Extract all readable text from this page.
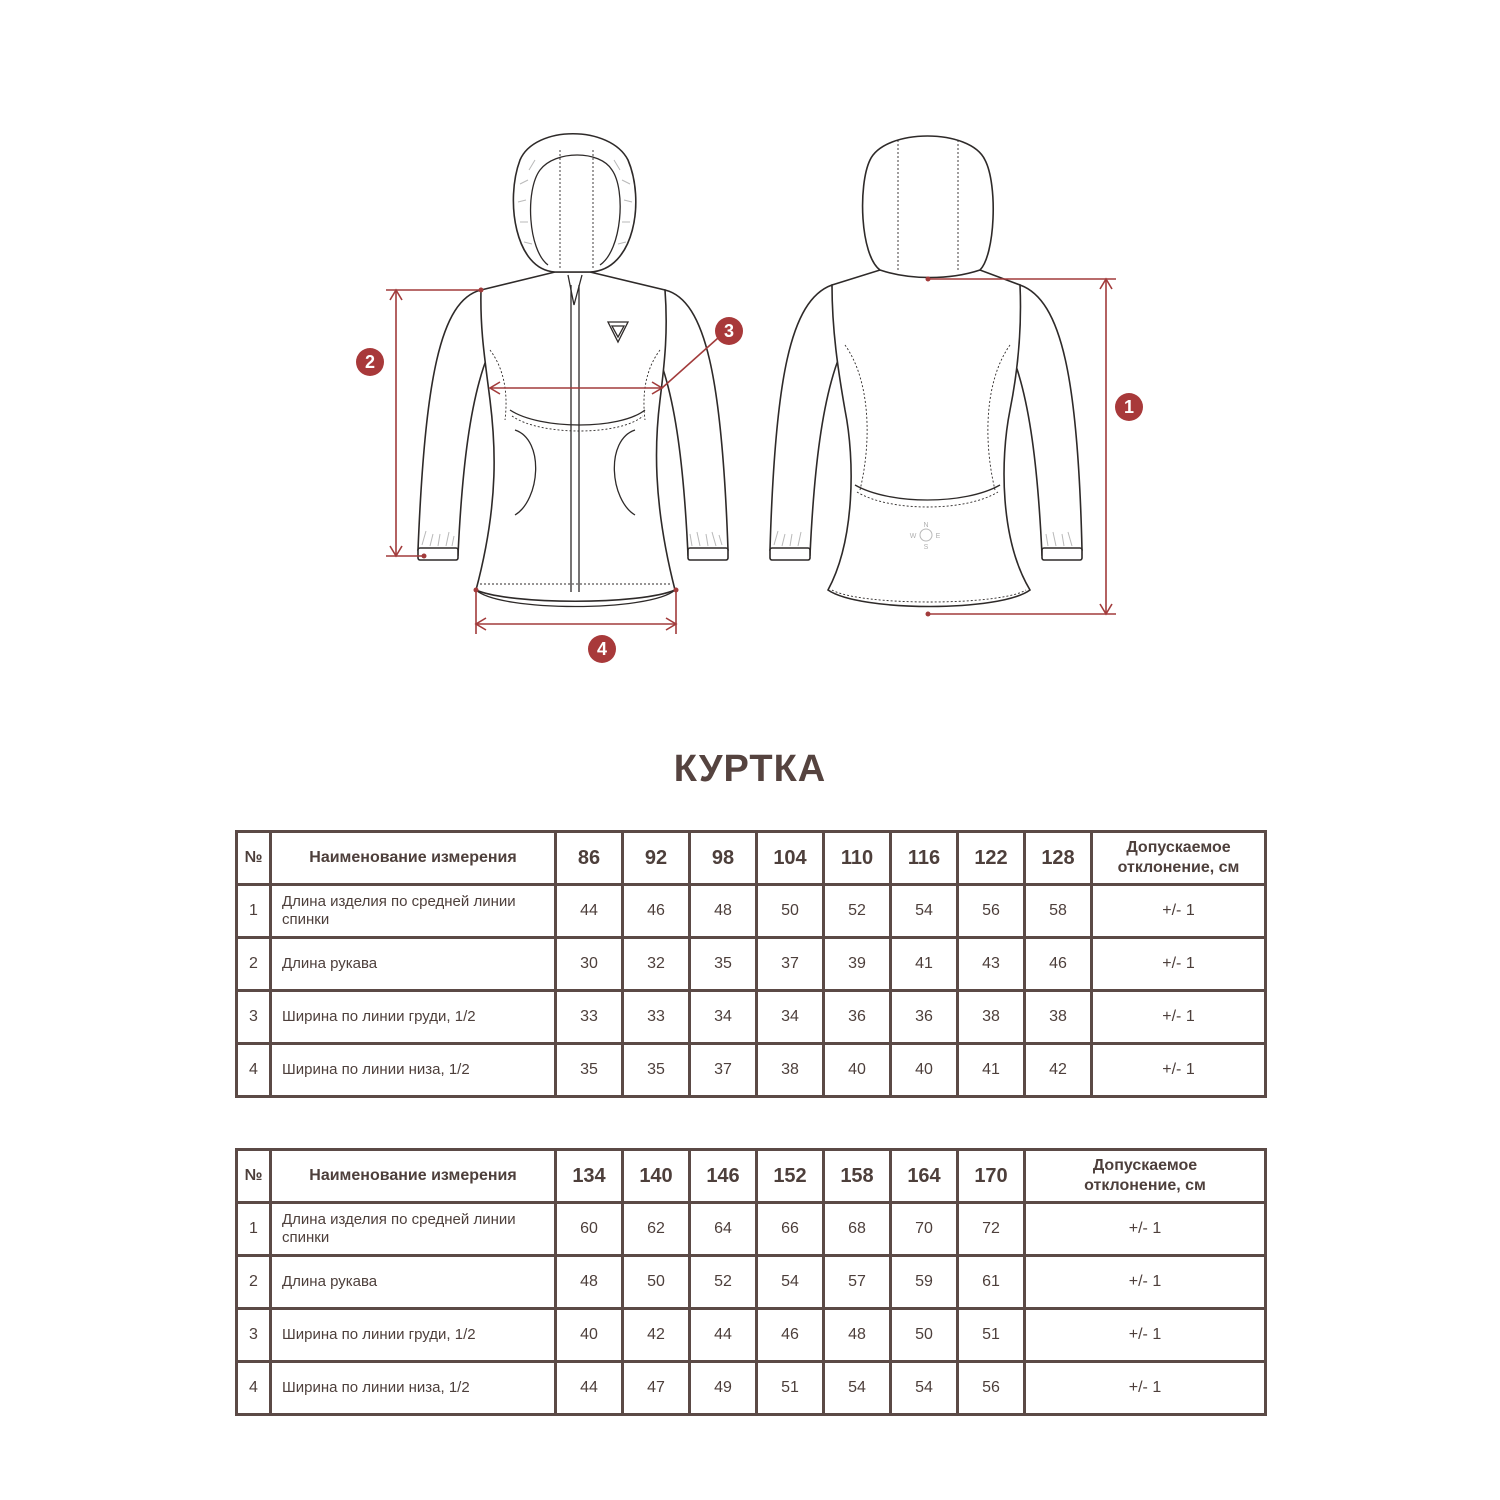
N
E
S
W
1
2
3
4
КУРТКА
№	Наименование измерения	86	92	98	104	110	116	122	128	Допускаемое
отклонение, см

1	Длина изделия по средней линии спинки	44	46	48	50	52	54	56	58	+/- 1
2	Длина рукава	30	32	35	37	39	41	43	46	+/- 1
3	Ширина по линии груди, 1/2	33	33	34	34	36	36	38	38	+/- 1
4	Ширина по линии низа, 1/2	35	35	37	38	40	40	41	42	+/- 1
№	Наименование измерения	134	140	146	152	158	164	170	Допускаемое
отклонение, см

1	Длина изделия по средней линии спинки	60	62	64	66	68	70	72	+/- 1
2	Длина рукава	48	50	52	54	57	59	61	+/- 1
3	Ширина по линии груди, 1/2	40	42	44	46	48	50	51	+/- 1
4	Ширина по линии низа, 1/2	44	47	49	51	54	54	56	+/- 1
